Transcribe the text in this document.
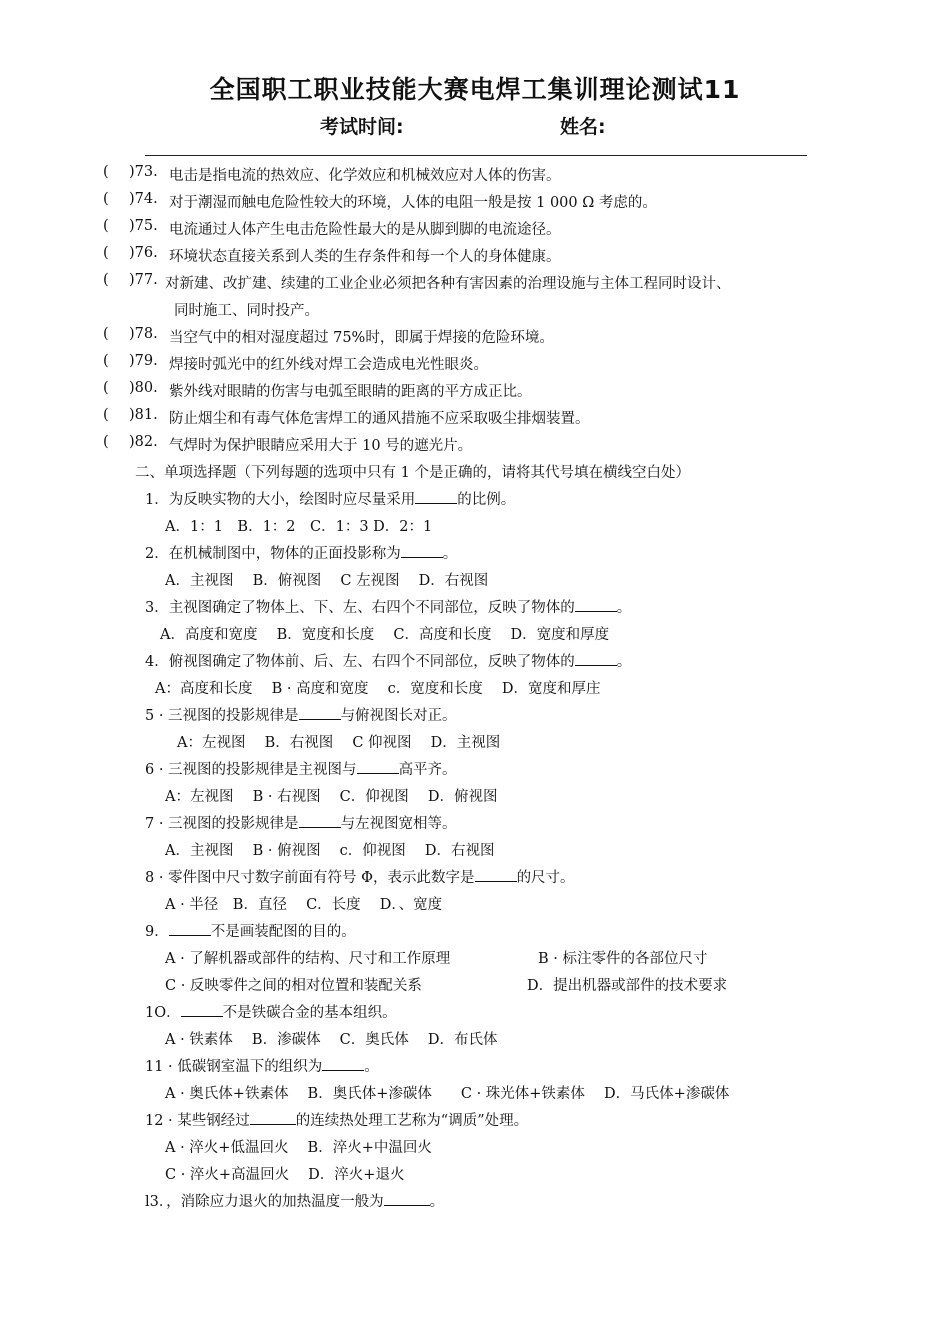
全国职工职业技能大赛电焊工集训理论测试11
考试时间:	姓名:
( )73. 电击是指电流的热效应、化学效应和机械效应对人体的伤害。
( )74. 对于潮湿而触电危险性较大的环境，人体的电阻一般是按 1 000 Ω 考虑的。
( )75. 电流通过人体产生电击危险性最大的是从脚到脚的电流途径。
( )76. 环境状态直接关系到人类的生存条件和每一个人的身体健康。
( )77. 对新建、改扩建、续建的工业企业必须把各种有害因素的治理设施与主体工程同时设计、
同时施工、同时投产。
( )78. 当空气中的相对湿度超过 75%时，即属于焊接的危险环境。
( )79. 焊接时弧光中的红外线对焊工会造成电光性眼炎。
( )80. 紫外线对眼睛的伤害与电弧至眼睛的距离的平方成正比。
( )81. 防止烟尘和有毒气体危害焊工的通风措施不应采取吸尘排烟装置。
( )82. 气焊时为保护眼睛应采用大于 10 号的遮光片。
二、单项选择题（下列每题的选项中只有 1 个是正确的，请将其代号填在横线空白处）
1．为反映实物的大小，绘图时应尽量采用	的比例。
A．1：1　B．1：2　C．1：3 D．2：1
2．在机械制图中，物体的正面投影称为	。
A．主视图　 B．俯视图　 C 左视图　 D．右视图
3．主视图确定了物体上、下、左、右四个不同部位，反映了物体的	。
A．高度和宽度　 B．宽度和长度　 C．高度和长度　 D．宽度和厚度
4．俯视图确定了物体前、后、左、右四个不同部位，反映了物体的	。
A：高度和长度　 B · 高度和宽度　 c．宽度和长度　 D．宽度和厚庄
5 · 三视图的投影规律是	与俯视图长对正。
A：左视图　 B．右视图　 C 仰视图　 D．主视图
6 · 三视图的投影规律是主视图与	高平齐。
A：左视图　 B · 右视图　 C．仰视图　 D．俯视图
7 · 三视图的投影规律是	与左视图宽相等。
A．主视图　 B · 俯视图　 c．仰视图　 D．右视图
8 · 零件图中尺寸数字前面有符号 Φ，表示此数字是	的尺寸。
A · 半径　B．直径　 C．长度　 D．、宽度
9．	不是画装配图的目的。
A · 了解机器或部件的结构、尺寸和工作原理	B · 标注零件的各部位尺寸
C · 反映零件之间的相对位置和装配关系	D．提出机器或部件的技术要求
1O．	不是铁碳合金的基本组织。
A · 铁素体　 B．渗碳体　 C．奥氏体　 D．布氏体
11 · 低碳钢室温下的组织为	。
A · 奥氏体+铁素体　 B．奥氏体+渗碳体　　C · 珠光体+铁素体　 D．马氏体+渗碳体
12 · 某些钢经过	的连续热处理工艺称为“调质”处理。
A · 淬火+低温回火　 B．淬火+中温回火
C · 淬火+高温回火　 D．淬火+退火
l3．，消除应力退火的加热温度一般为	。
